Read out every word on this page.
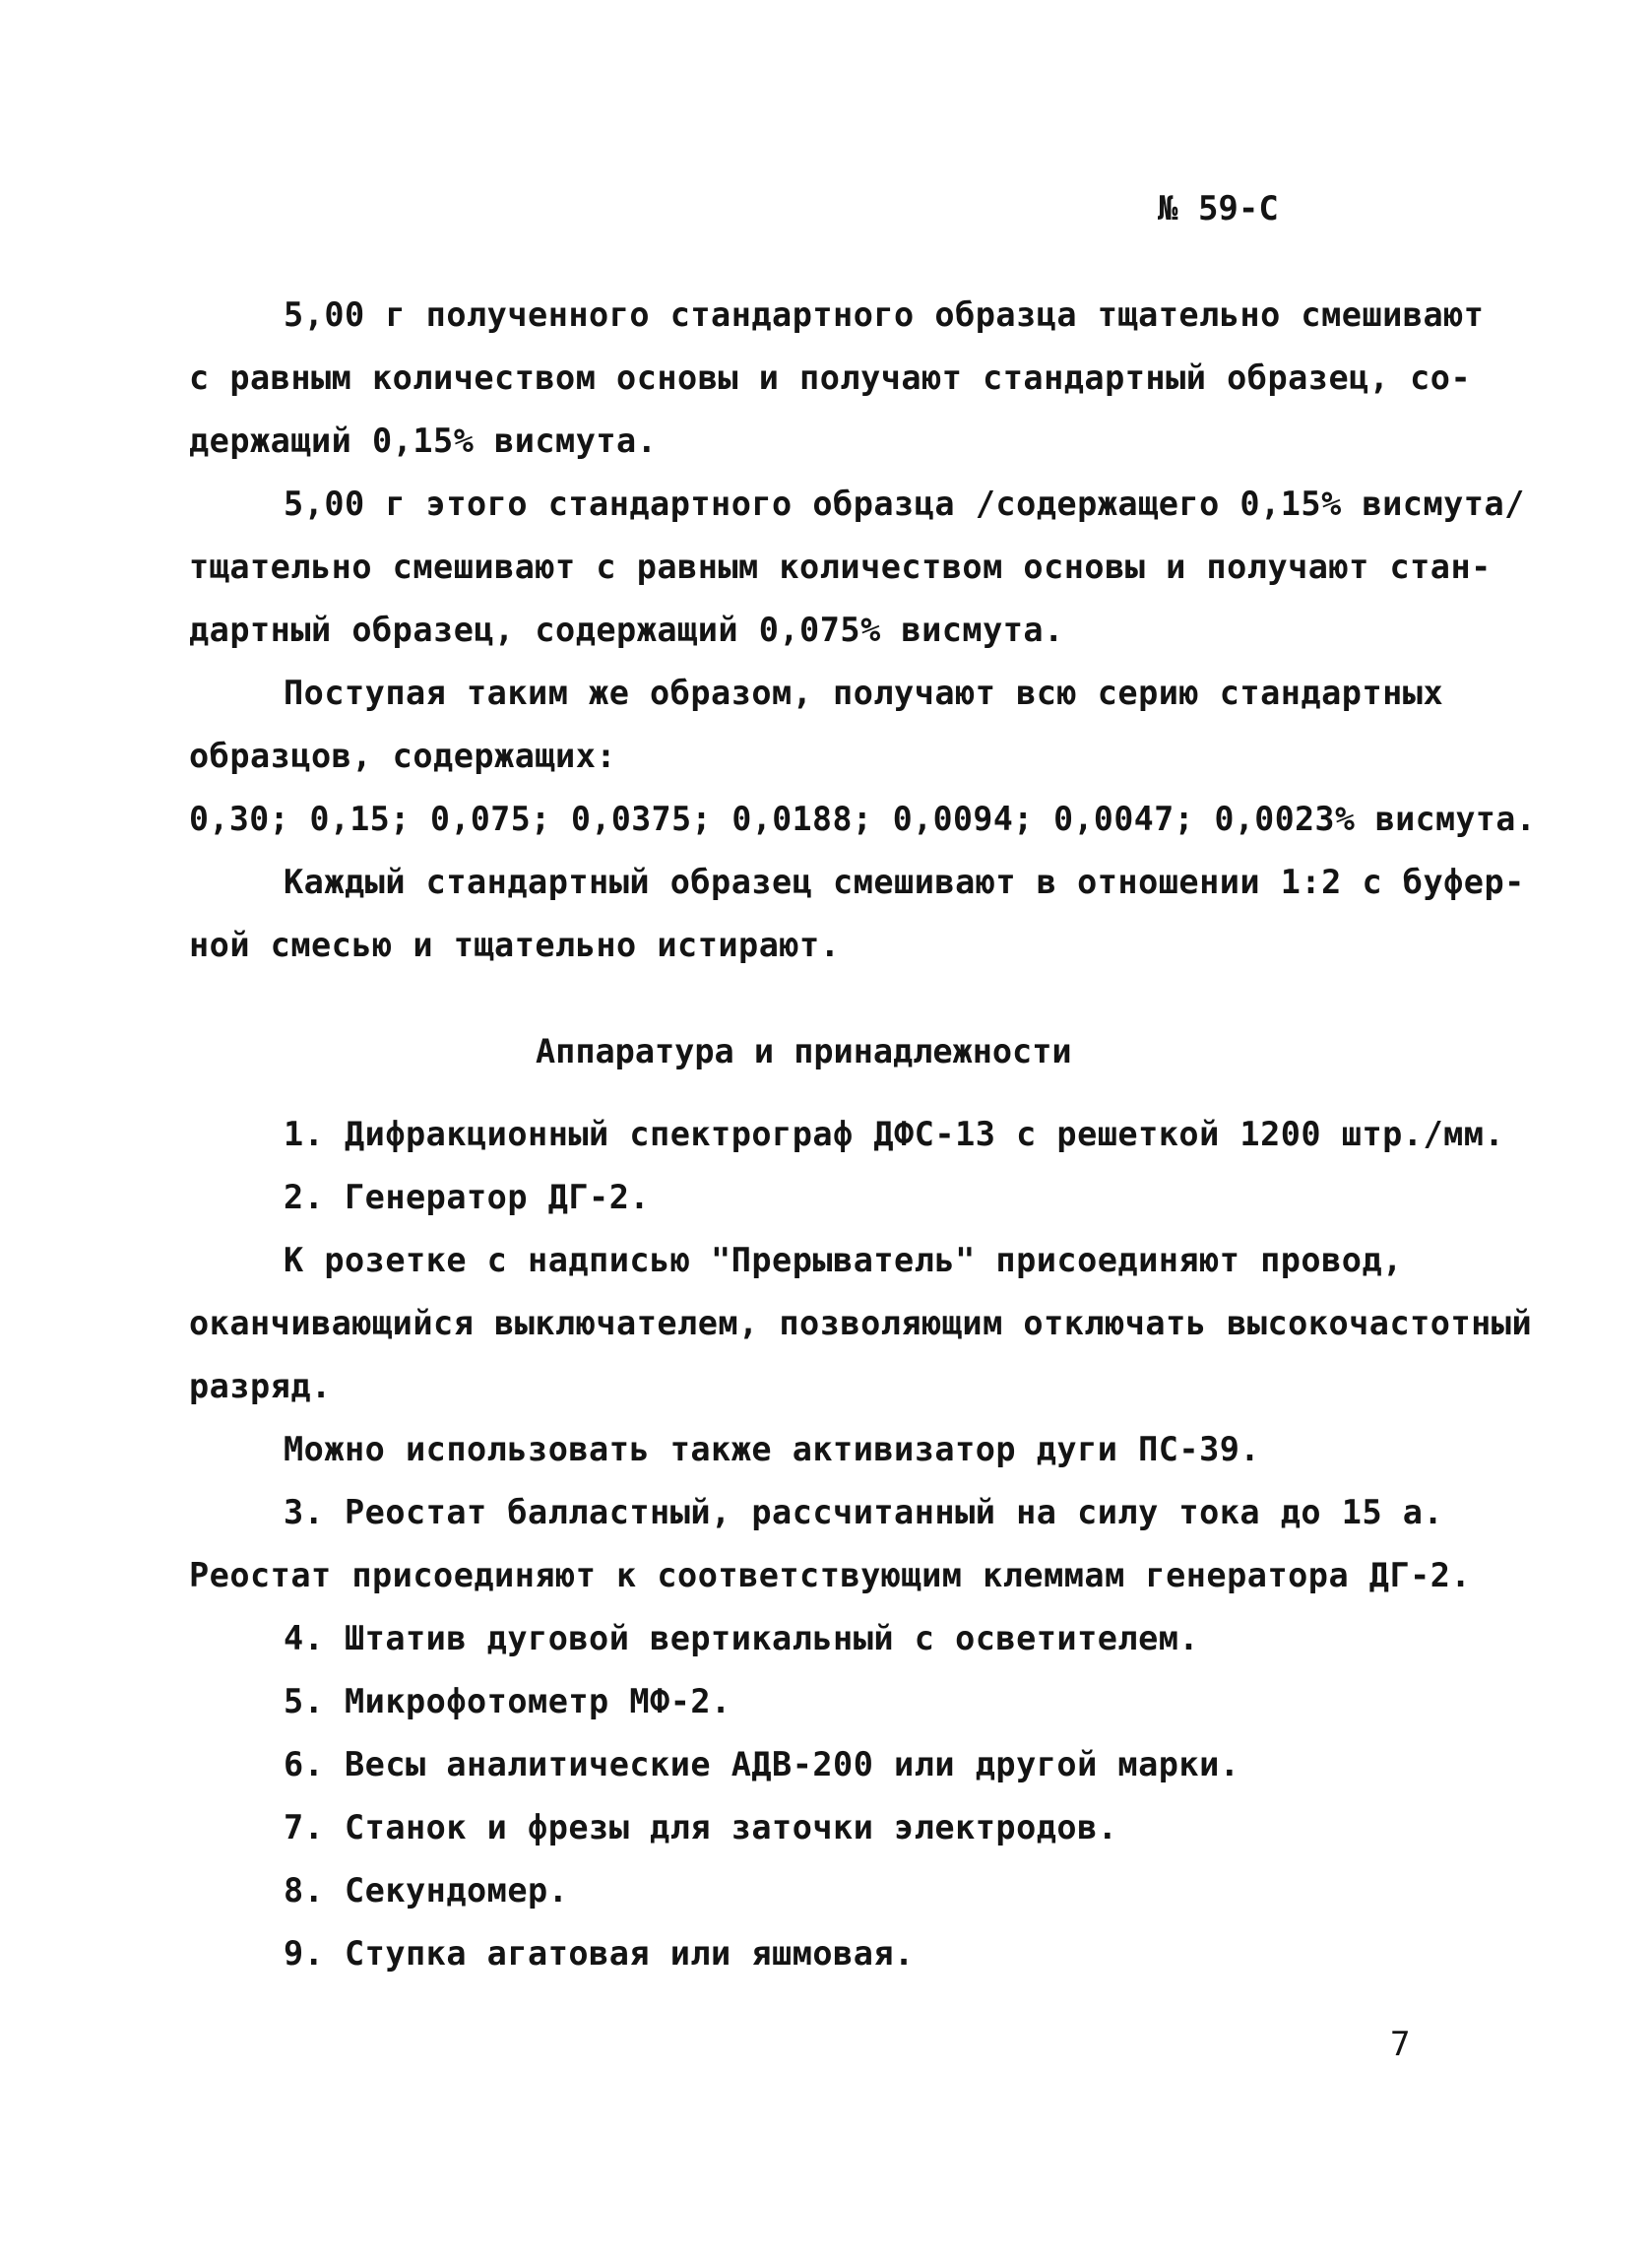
№ 59-С
5,00 г полученного стандартного образца тщательно смешивают
с равным количеством основы и получают стандартный образец, со-
держащий 0,15% висмута.
5,00 г этого стандартного образца /содержащего 0,15% висмута/
тщательно смешивают с равным количеством основы и получают стан-
дартный образец, содержащий 0,075% висмута.
Поступая таким же образом, получают всю серию стандартных
образцов, содержащих:
0,30; 0,15; 0,075; 0,0375; 0,0188; 0,0094; 0,0047; 0,0023% висмута.
Каждый стандартный образец смешивают в отношении 1:2 с буфер-
ной смесью и тщательно истирают.
Аппаратура и принадлежности
1. Дифракционный спектрограф ДФС-13 с решеткой 1200 штр./мм.
2. Генератор ДГ-2.
К розетке с надписью "Прерыватель" присоединяют провод,
оканчивающийся выключателем, позволяющим отключать высокочастотный
разряд.
Можно использовать также активизатор дуги ПС-39.
3. Реостат балластный, рассчитанный на силу тока до 15 а.
Реостат присоединяют к соответствующим клеммам генератора ДГ-2.
4. Штатив дуговой вертикальный с осветителем.
5. Микрофотометр МФ-2.
6. Весы аналитические АДВ-200 или другой марки.
7. Станок и фрезы для заточки электродов.
8. Секундомер.
9. Ступка агатовая или яшмовая.
7
